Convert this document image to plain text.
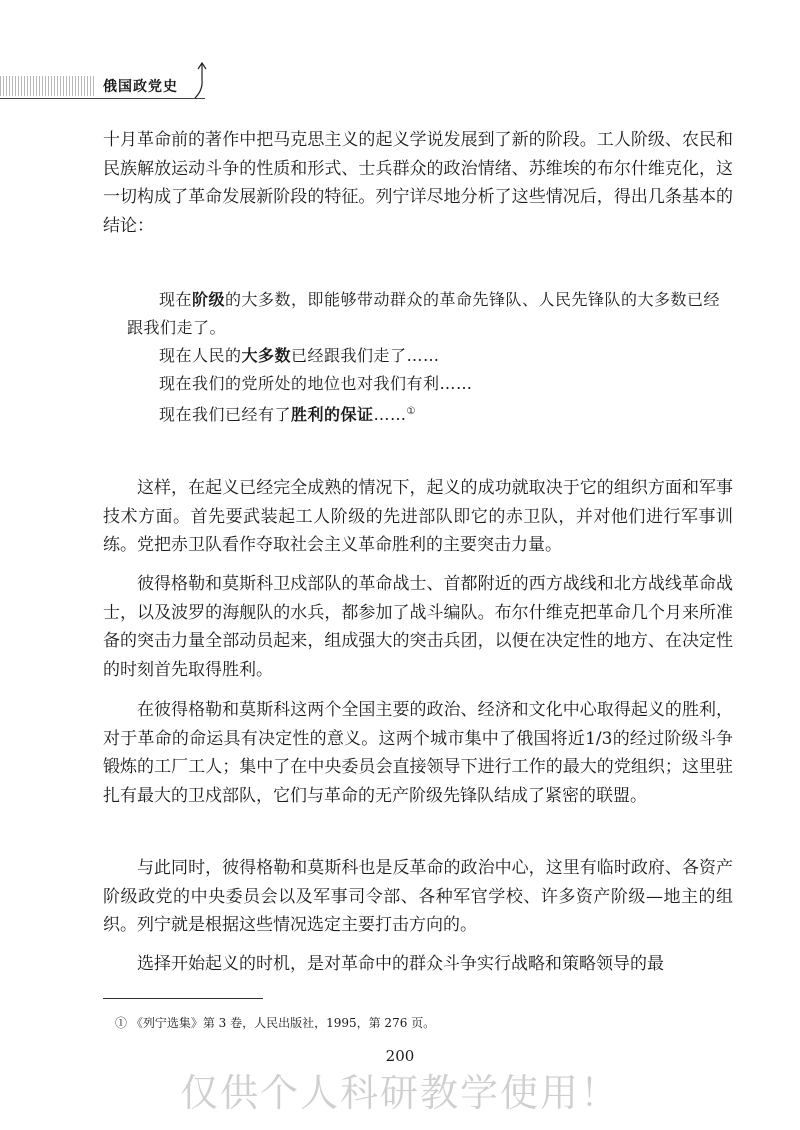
俄国政党史

十月革命前的著作中把马克思主义的起义学说发展到了新的阶段。工人阶级、农民和民族解放运动斗争的性质和形式、士兵群众的政治情绪、苏维埃的布尔什维克化，这一切构成了革命发展新阶段的特征。列宁详尽地分析了这些情况后，得出几条基本的结论：

现在阶级的大多数，即能够带动群众的革命先锋队、人民先锋队的大多数已经跟我们走了。
现在人民的大多数已经跟我们走了……
现在我们的党所处的地位也对我们有利……
现在我们已经有了胜利的保证……①

这样，在起义已经完全成熟的情况下，起义的成功就取决于它的组织方面和军事技术方面。首先要武装起工人阶级的先进部队即它的赤卫队，并对他们进行军事训练。党把赤卫队看作夺取社会主义革命胜利的主要突击力量。

彼得格勒和莫斯科卫戍部队的革命战士、首都附近的西方战线和北方战线革命战士，以及波罗的海舰队的水兵，都参加了战斗编队。布尔什维克把革命几个月来所准备的突击力量全部动员起来，组成强大的突击兵团，以便在决定性的地方、在决定性的时刻首先取得胜利。

在彼得格勒和莫斯科这两个全国主要的政治、经济和文化中心取得起义的胜利，对于革命的命运具有决定性的意义。这两个城市集中了俄国将近1/3的经过阶级斗争锻炼的工厂工人；集中了在中央委员会直接领导下进行工作的最大的党组织；这里驻扎有最大的卫戍部队，它们与革命的无产阶级先锋队结成了紧密的联盟。

与此同时，彼得格勒和莫斯科也是反革命的政治中心，这里有临时政府、各资产阶级政党的中央委员会以及军事司令部、各种军官学校、许多资产阶级—地主的组织。列宁就是根据这些情况选定主要打击方向的。

选择开始起义的时机，是对革命中的群众斗争实行战略和策略领导的最

① 《列宁选集》第 3 卷，人民出版社，1995，第 276 页。
200
仅供个人科研教学使用！
